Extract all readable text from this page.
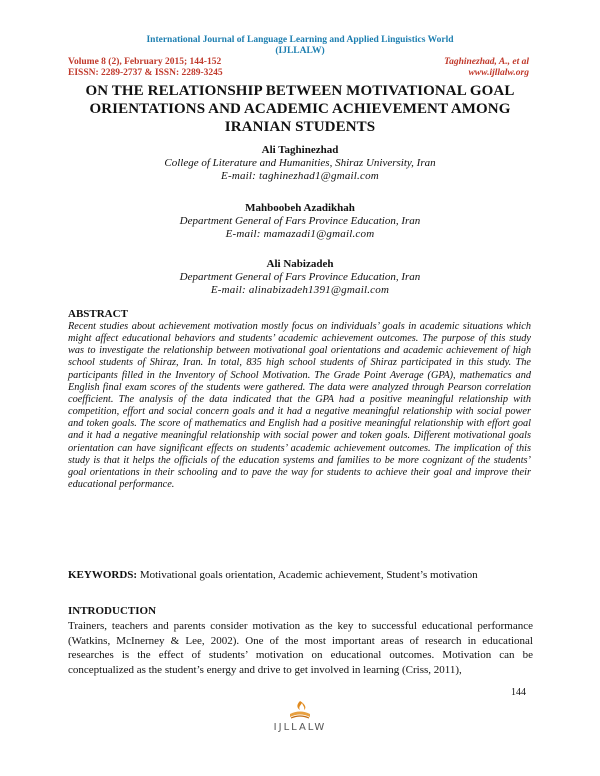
International Journal of Language Learning and Applied Linguistics World
(IJLLALW)
Volume 8 (2), February 2015; 144-152
EISSN: 2289-2737 & ISSN: 2289-3245
Taghinezhad, A., et al
www.ijllalw.org
ON THE RELATIONSHIP BETWEEN MOTIVATIONAL GOAL
ORIENTATIONS AND ACADEMIC ACHIEVEMENT AMONG
IRANIAN STUDENTS
Ali Taghinezhad
College of Literature and Humanities, Shiraz University, Iran
E-mail: taghinezhad1@gmail.com
Mahboobeh Azadikhah
Department General of Fars Province Education, Iran
E-mail: mamazadi1@gmail.com
Ali Nabizadeh
Department General of Fars Province Education, Iran
E-mail: alinabizadeh1391@gmail.com
ABSTRACT
Recent studies about achievement motivation mostly focus on individuals’ goals in academic situations which might affect educational behaviors and students’ academic achievement outcomes. The purpose of this study was to investigate the relationship between motivational goal orientations and academic achievement of high school students of Shiraz, Iran. In total, 835 high school students of Shiraz participated in this study. The participants filled in the Inventory of School Motivation. The Grade Point Average (GPA), mathematics and English final exam scores of the students were gathered. The data were analyzed through Pearson correlation coefficient. The analysis of the data indicated that the GPA had a positive meaningful relationship with competition, effort and social concern goals and it had a negative meaningful relationship with social power and token goals. The score of mathematics and English had a positive meaningful relationship with effort goal and it had a negative meaningful relationship with social power and token goals. Different motivational goals orientation can have significant effects on students’ academic achievement outcomes. The implication of this study is that it helps the officials of the education systems and families to be more cognizant of the students’ goal orientations in their schooling and to pave the way for students to achieve their goal and improve their educational performance.
KEYWORDS: Motivational goals orientation, Academic achievement, Student’s motivation
INTRODUCTION
Trainers, teachers and parents consider motivation as the key to successful educational performance (Watkins, McInerney & Lee, 2002). One of the most important areas of research in educational researches is the effect of students’ motivation on educational outcomes. Motivation can be conceptualized as the student’s energy and drive to get involved in learning (Criss, 2011),
144
IJLLALW
